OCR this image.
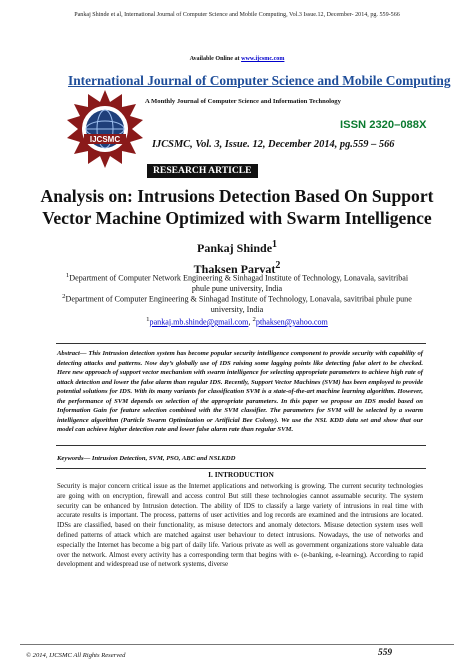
Pankaj Shinde et al, International Journal of Computer Science and Mobile Computing, Vol.3 Issue.12, December- 2014, pg. 559-566
Available Online at www.ijcsmc.com
International Journal of Computer Science and Mobile Computing
A Monthly Journal of Computer Science and Information Technology
IJCSMC
ISSN 2320–088X
IJCSMC, Vol. 3, Issue. 12, December 2014, pg.559 – 566
RESEARCH ARTICLE
Analysis on: Intrusions Detection Based On Support
Vector Machine Optimized with Swarm Intelligence
Pankaj Shinde$^1$
Thaksen Parvat$^2$
$^1$Department of Computer Network Engineering & Sinhagad Institute of Technology, Lonavala, savitribai phule pune university, India
$^2$Department of Computer Engineering & Sinhagad Institute of Technology, Lonavala, savitribai phule pune university, India
$^1$pankaj.mb.shinde@gmail.com, $^2$pthaksen@yahoo.com
Abstract— This Intrusion detection system has become popular security intelligence component to provide security with capability of detecting attacks and patterns. Now day’s globally use of IDS raising some lagging points like detecting false alert to be checked. Here new approach of support vector mechanism with swarm intelligence for selecting appropriate parameters to achieve high rate of attack detection and lower the false alarm than regular IDS. Recently, Support Vector Machines (SVM) has been employed to provide potential solutions for IDS. With its many variants for classification SVM is a state-of-the-art machine learning algorithm. However, the performance of SVM depends on selection of the appropriate parameters. In this paper we propose an IDS model based on Information Gain for feature selection combined with the SVM classifier. The parameters for SVM will be selected by a swarm intelligence algorithm (Particle Swarm Optimization or Artificial Bee Colony). We use the NSL KDD data set and show that our model can achieve higher detection rate and lower false alarm rate than regular SVM.
Keywords— Intrusion Detection, SVM, PSO, ABC and NSLKDD
I. INTRODUCTION
Security is major concern critical issue as the Internet applications and networking is growing. The current security technologies are going with on encryption, firewall and access control But still these technologies cannot assumable security. The system security can be enhanced by Intrusion detection. The ability of IDS to classify a large variety of intrusions in real time with accurate results is important. The process, patterns of user activities and log records are examined and the intrusions are located. IDSs are classified, based on their functionality, as misuse detectors and anomaly detectors. Misuse detection system uses well defined patterns of attack which are matched against user behaviour to detect intrusions. Nowadays, the use of networks and especially the Internet has become a big part of daily life. Various private as well as government organizations store valuable data over the network. Almost every activity has a corresponding term that begins with e- (e-banking, e-learning). According to rapid development and widespread use of network systems, diverse
© 2014, IJCSMC All Rights Reserved	559
